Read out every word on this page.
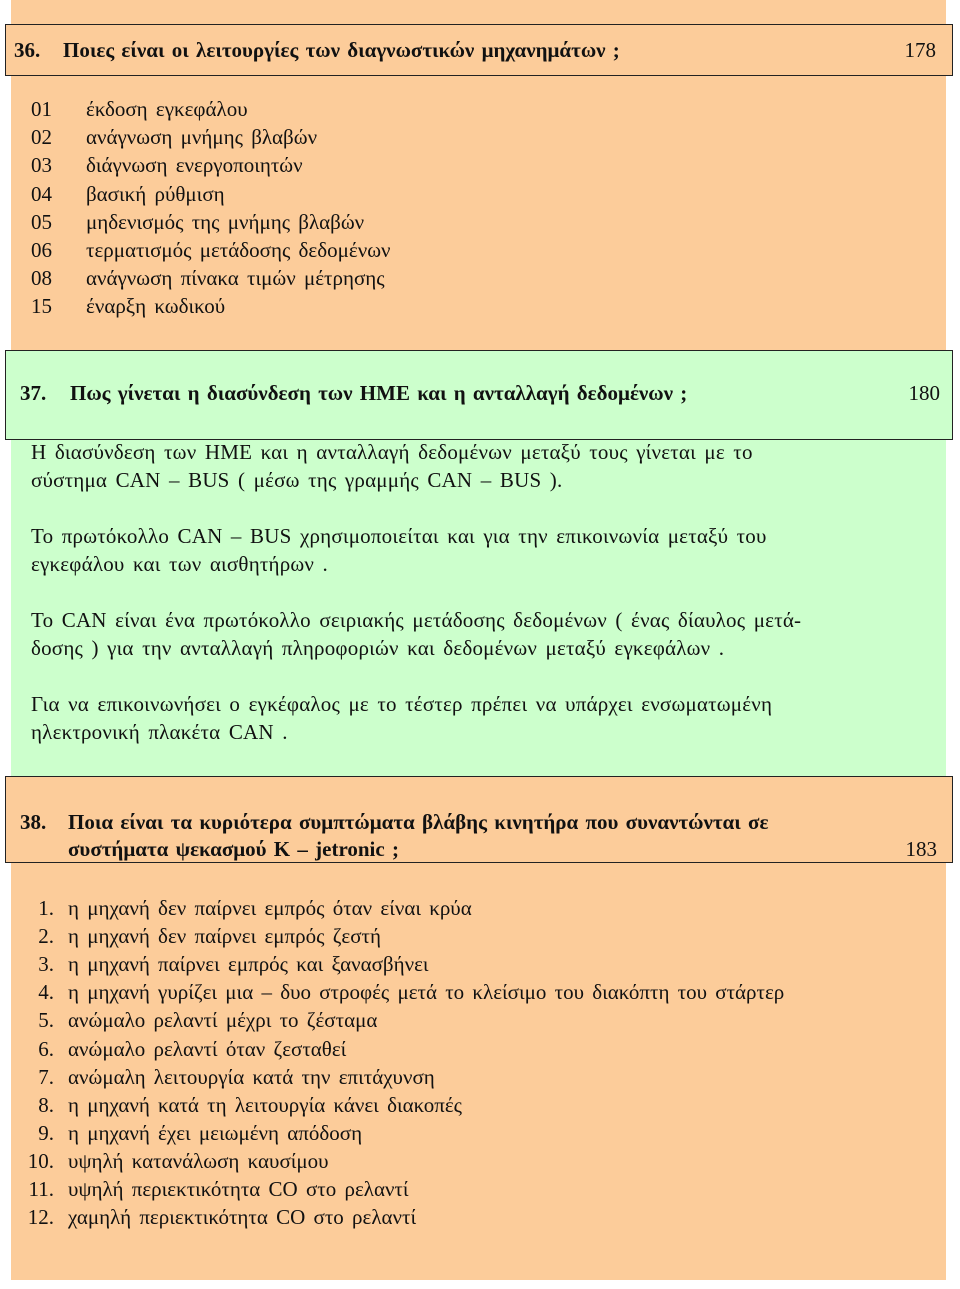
36. Ποιες είναι οι λειτουργίες των διαγνωστικών μηχανημάτων ;	178
01 έκδοση εγκεφάλου
02 ανάγνωση μνήμης βλαβών
03 διάγνωση ενεργοποιητών
04 βασική ρύθμιση
05 μηδενισμός της μνήμης βλαβών
06 τερματισμός μετάδοσης δεδομένων
08 ανάγνωση πίνακα τιμών μέτρησης
15 έναρξη κωδικού
37. Πως γίνεται η διασύνδεση των ΗΜΕ και η ανταλλαγή δεδομένων ;	180
Η διασύνδεση των ΗΜΕ και η ανταλλαγή δεδομένων μεταξύ τους γίνεται με το
σύστημα CAN – BUS ( μέσω της γραμμής CAN – BUS ).
Το πρωτόκολλο CAN – BUS χρησιμοποιείται και για την επικοινωνία μεταξύ του
εγκεφάλου και των αισθητήρων .
Το CAN είναι ένα πρωτόκολλο σειριακής μετάδοσης δεδομένων ( ένας δίαυλος μετά-
δοσης ) για την ανταλλαγή πληροφοριών και δεδομένων μεταξύ εγκεφάλων .
Για να επικοινωνήσει ο εγκέφαλος με το τέστερ πρέπει να υπάρχει ενσωματωμένη
ηλεκτρονική πλακέτα CAN .
38. Ποια είναι τα κυριότερα συμπτώματα βλάβης κινητήρα που συναντώνται σε
συστήματα ψεκασμού K – jetronic ;	183
1. η μηχανή δεν παίρνει εμπρός όταν είναι κρύα
2. η μηχανή δεν παίρνει εμπρός ζεστή
3. η μηχανή παίρνει εμπρός και ξανασβήνει
4. η μηχανή γυρίζει μια – δυο στροφές μετά το κλείσιμο του διακόπτη του στάρτερ
5. ανώμαλο ρελαντί μέχρι το ζέσταμα
6. ανώμαλο ρελαντί όταν ζεσταθεί
7. ανώμαλη λειτουργία κατά την επιτάχυνση
8. η μηχανή κατά τη λειτουργία κάνει διακοπές
9. η μηχανή έχει μειωμένη απόδοση
10. υψηλή κατανάλωση καυσίμου
11. υψηλή περιεκτικότητα CO στο ρελαντί
12. χαμηλή περιεκτικότητα CO στο ρελαντί
